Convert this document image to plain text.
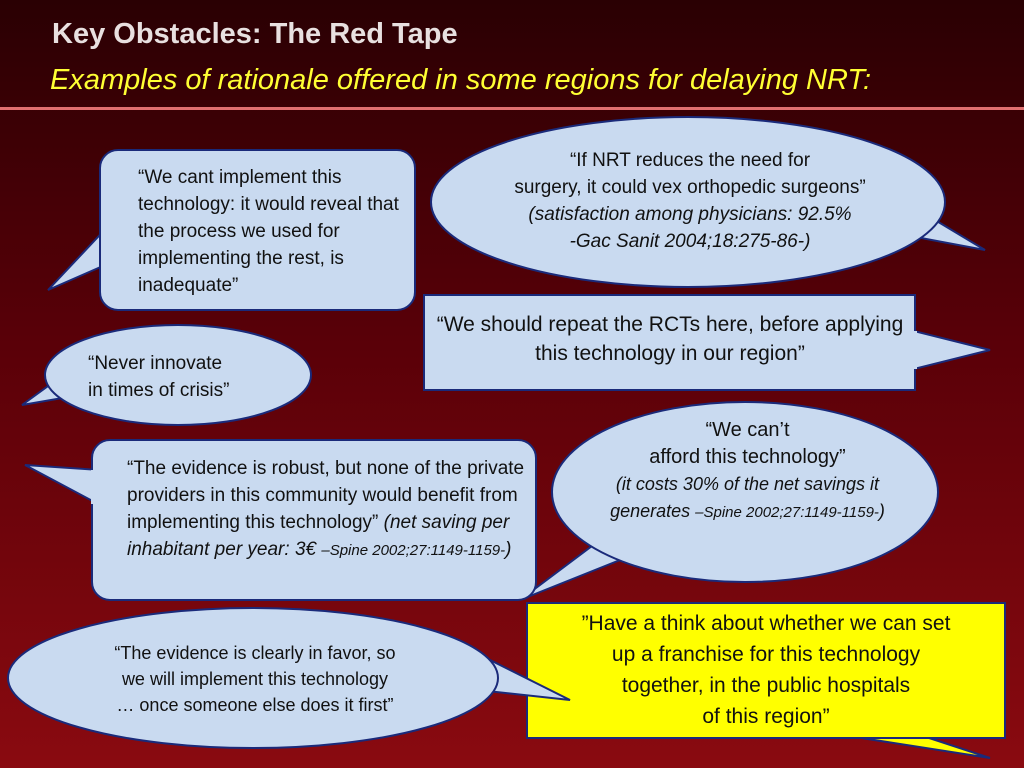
Key Obstacles: The Red Tape
Examples of rationale offered in some regions for delaying NRT:
“We cant implement this technology: it would reveal that the process we used for implementing the rest, is inadequate”
“If NRT reduces the need for
surgery, it could vex orthopedic surgeons”
(satisfaction among physicians: 92.5%
-Gac Sanit 2004;18:275-86-)
“We should repeat the RCTs here, before applying this technology in our region”
“Never innovate
in times of crisis”
“We can’t
afford this technology”
(it costs 30% of the net savings it generates –Spine 2002;27:1149-1159-)
“The evidence is robust, but none of the private providers in this community would benefit from implementing this technology” (net saving per inhabitant per year: 3€ –Spine 2002;27:1149-1159-)
”Have a think about whether we can set
up a franchise for this technology
together, in the public hospitals
of this region”
“The evidence is clearly in favor, so
we will implement this technology
… once someone else does it first”
